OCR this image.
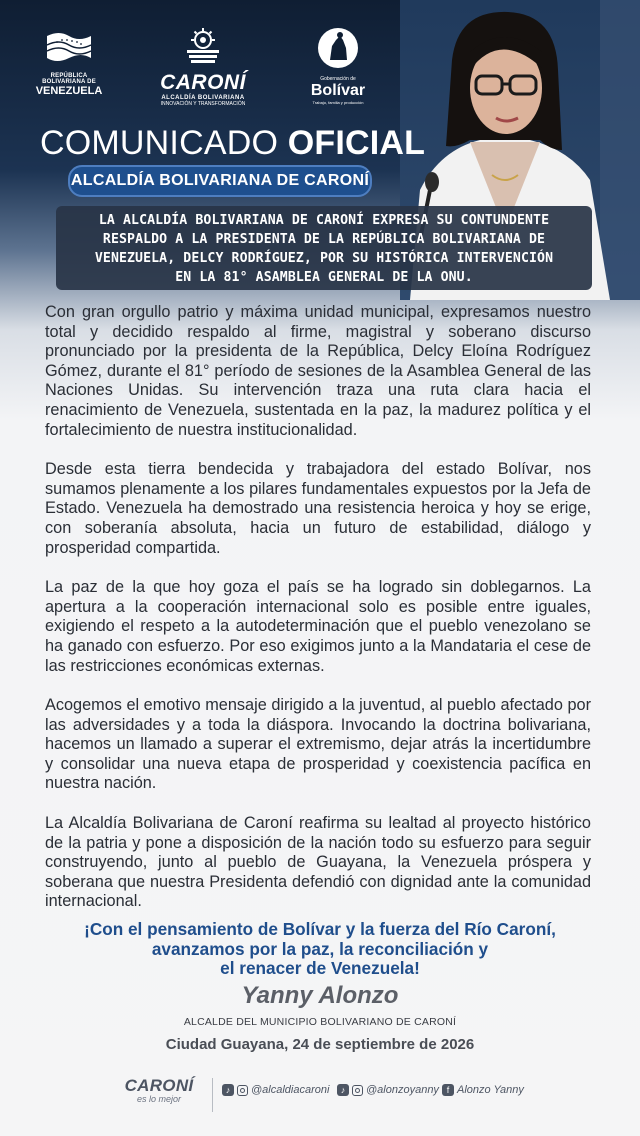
REPÚBLICA BOLIVARIANA DE
VENEZUELA	CARONÍ
ALCALDÍA BOLIVARIANA
INNOVACIÓN Y TRANSFORMACIÓN
Gobernación de
Bolívar
Trabajo, familia y producción
COMUNICADO OFICIAL
ALCALDÍA BOLIVARIANA DE CARONÍ
LA ALCALDÍA BOLIVARIANA DE CARONÍ EXPRESA SU CONTUNDENTE
RESPALDO A LA PRESIDENTA DE LA REPÚBLICA BOLIVARIANA DE
VENEZUELA, DELCY RODRÍGUEZ, POR SU HISTÓRICA INTERVENCIÓN
EN LA 81° ASAMBLEA GENERAL DE LA ONU.

Con gran orgullo patrio y máxima unidad municipal, expresamos nuestro total y decidido respaldo al firme, magistral y soberano discurso pronunciado por la presidenta de la República, Delcy Eloína Rodríguez Gómez, durante el 81° período de sesiones de la Asamblea General de las Naciones Unidas. Su intervención traza una ruta clara hacia el renacimiento de Venezuela, sustentada en la paz, la madurez política y el fortalecimiento de nuestra institucionalidad.

Desde esta tierra bendecida y trabajadora del estado Bolívar, nos sumamos plenamente a los pilares fundamentales expuestos por la Jefa de Estado. Venezuela ha demostrado una resistencia heroica y hoy se erige, con soberanía absoluta, hacia un futuro de estabilidad, diálogo y prosperidad compartida.

La paz de la que hoy goza el país se ha logrado sin doblegarnos. La apertura a la cooperación internacional solo es posible entre iguales, exigiendo el respeto a la autodeterminación que el pueblo venezolano se ha ganado con esfuerzo. Por eso exigimos junto a la Mandataria el cese de las restricciones económicas externas.

Acogemos el emotivo mensaje dirigido a la juventud, al pueblo afectado por las adversidades y a toda la diáspora. Invocando la doctrina bolivariana, hacemos un llamado a superar el extremismo, dejar atrás la incertidumbre y consolidar una nueva etapa de prosperidad y coexistencia pacífica en nuestra nación.

La Alcaldía Bolivariana de Caroní reafirma su lealtad al proyecto histórico de la patria y pone a disposición de la nación todo su esfuerzo para seguir construyendo, junto al pueblo de Guayana, la Venezuela próspera y soberana que nuestra Presidenta defendió con dignidad ante la comunidad internacional.

¡Con el pensamiento de Bolívar y la fuerza del Río Caroní,
avanzamos por la paz, la reconciliación y
el renacer de Venezuela!
Yanny Alonzo
ALCALDE DEL MUNICIPIO BOLIVARIANO DE CARONÍ
Ciudad Guayana, 24 de septiembre de 2026
CARONÍ
es lo mejor
♪	@alcaldiacaroni	♪	@alonzoyanny f Alonzo Yanny
